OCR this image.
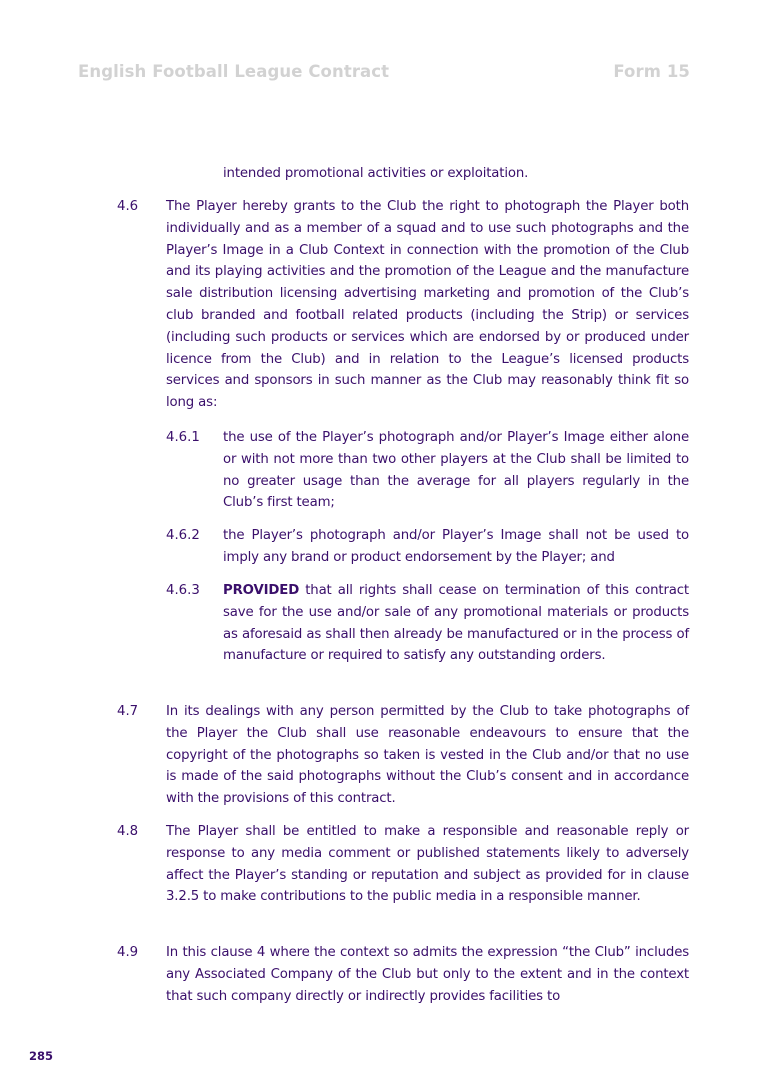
English Football League Contract	Form 15
intended promotional activities or exploitation.
4.6 The Player hereby grants to the Club the right to photograph the Player both individually and as a member of a squad and to use such photographs and the Player’s Image in a Club Context in connection with the promotion of the Club and its playing activities and the promotion of the League and the manufacture sale distribution licensing advertising marketing and promotion of the Club’s club branded and football related products (including the Strip) or services (including such products or services which are endorsed by or produced under licence from the Club) and in relation to the League’s licensed products services and sponsors in such manner as the Club may reasonably think fit so long as:
4.6.1 the use of the Player’s photograph and/or Player’s Image either alone or with not more than two other players at the Club shall be limited to no greater usage than the average for all players regularly in the Club’s first team;
4.6.2 the Player’s photograph and/or Player’s Image shall not be used to imply any brand or product endorsement by the Player; and
4.6.3 PROVIDED that all rights shall cease on termination of this contract save for the use and/or sale of any promotional materials or products as aforesaid as shall then already be manufactured or in the process of manufacture or required to satisfy any outstanding orders.
4.7 In its dealings with any person permitted by the Club to take photographs of the Player the Club shall use reasonable endeavours to ensure that the copyright of the photographs so taken is vested in the Club and/or that no use is made of the said photographs without the Club’s consent and in accordance with the provisions of this contract.
4.8 The Player shall be entitled to make a responsible and reasonable reply or response to any media comment or published statements likely to adversely affect the Player’s standing or reputation and subject as provided for in clause 3.2.5 to make contributions to the public media in a responsible manner.
4.9 In this clause 4 where the context so admits the expression “the Club” includes any Associated Company of the Club but only to the extent and in the context that such company directly or indirectly provides facilities to
285
